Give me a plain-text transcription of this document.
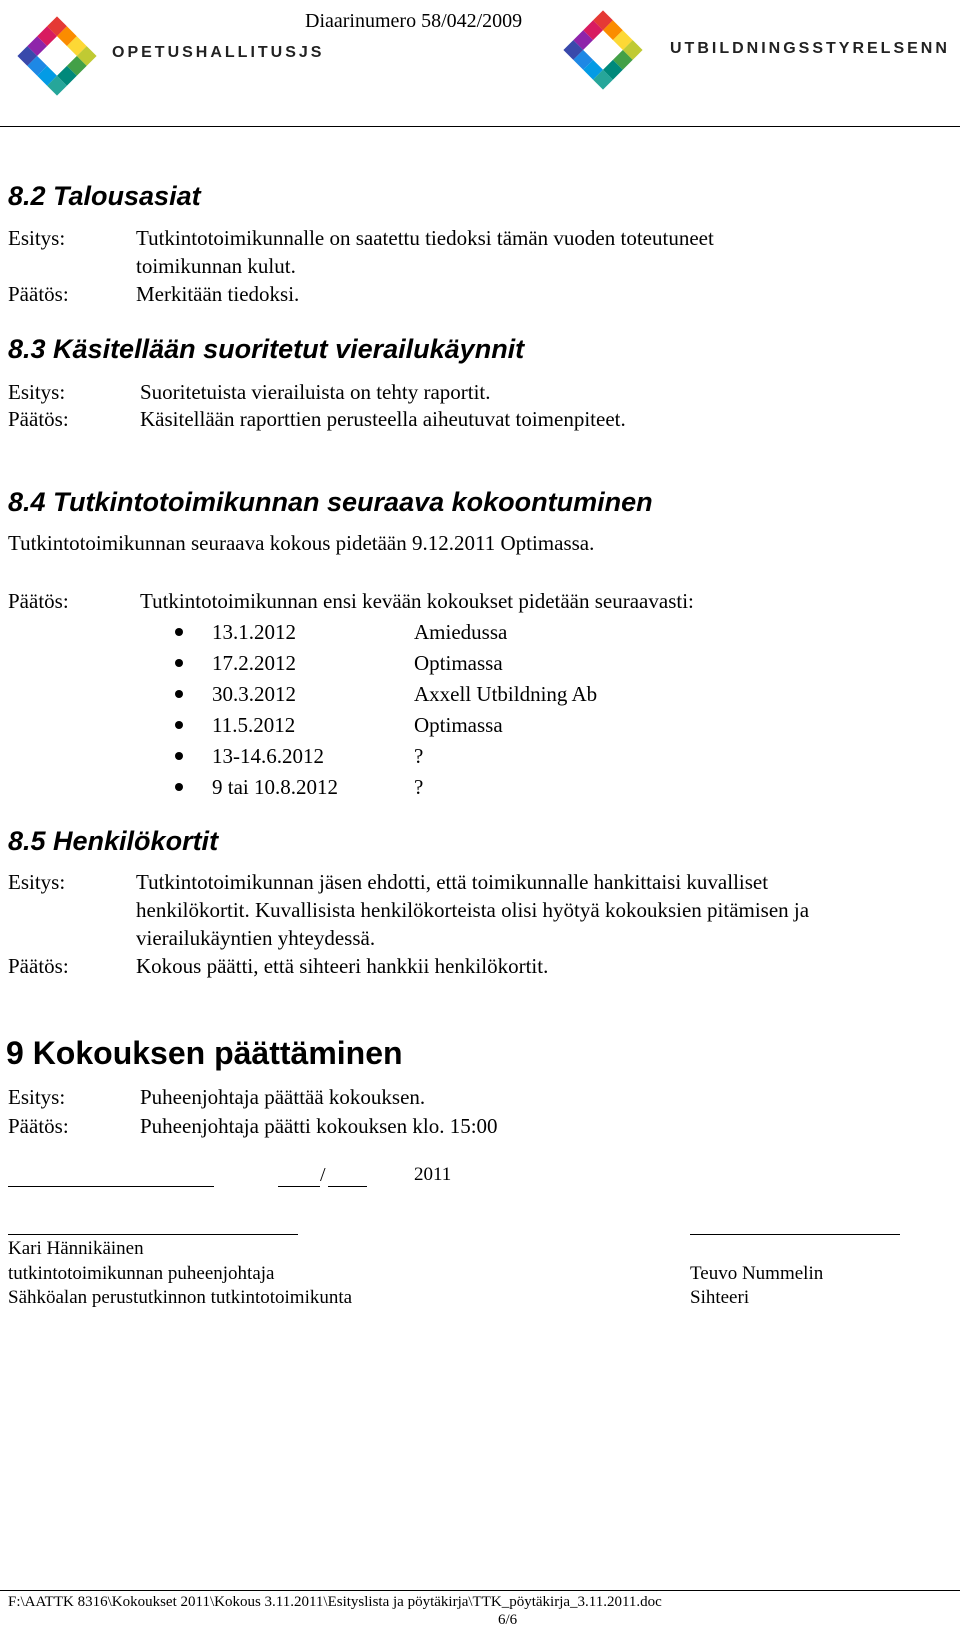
OPETUSHALLITUSJS
Diaarinumero 58/042/2009
UTBILDNINGSSTYRELSENN
8.2 Talousasiat
Esitys:	Tutkintotoimikunnalle on saatettu tiedoksi tämän vuoden toteutuneet
toimikunnan kulut.
Päätös:	Merkitään tiedoksi.
8.3 Käsitellään suoritetut vierailukäynnit
Esitys:	Suoritetuista vierailuista on tehty raportit.
Päätös:	Käsitellään raporttien perusteella aiheutuvat toimenpiteet.
8.4 Tutkintotoimikunnan seuraava kokoontuminen
Tutkintotoimikunnan seuraava kokous pidetään 9.12.2011 Optimassa.
Päätös:	Tutkintotoimikunnan ensi kevään kokoukset pidetään seuraavasti:
13.1.2012	Amiedussa
17.2.2012	Optimassa
30.3.2012	Axxell Utbildning Ab
11.5.2012	Optimassa
13-14.6.2012	?
9 tai 10.8.2012	?
8.5 Henkilökortit
Esitys:	Tutkintotoimikunnan jäsen ehdotti, että toimikunnalle hankittaisi kuvalliset
henkilökortit. Kuvallisista henkilökorteista olisi hyötyä kokouksien pitämisen ja
vierailukäyntien yhteydessä.
Päätös:	Kokous päätti, että sihteeri hankkii henkilökortit.
9 Kokouksen päättäminen
Esitys:	Puheenjohtaja päättää kokouksen.
Päätös:	Puheenjohtaja päätti kokouksen klo. 15:00
/	2011
Kari Hännikäinen
tutkintotoimikunnan puheenjohtaja
Sähköalan perustutkinnon tutkintotoimikunta
Teuvo Nummelin
Sihteeri
F:\AATTK 8316\Kokoukset 2011\Kokous 3.11.2011\Esityslista ja pöytäkirja\TTK_pöytäkirja_3.11.2011.doc
6/6
